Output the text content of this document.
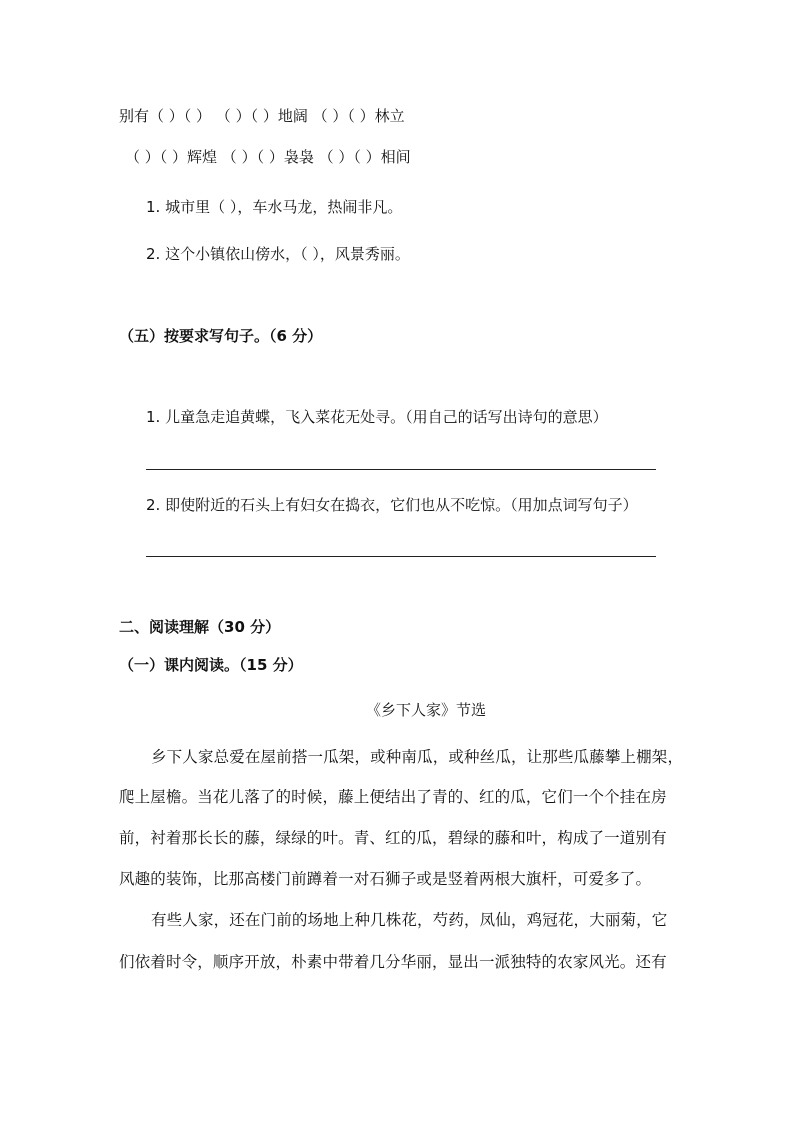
别有（ ）（ ） （ ）（ ）地阔 （ ）（ ）林立
（ ）（ ）辉煌 （ ）（ ）袅袅 （ ）（ ）相间
1. 城市里（ ），车水马龙，热闹非凡。
2. 这个小镇依山傍水，（ ），风景秀丽。
（五）按要求写句子。（6 分）
1. 儿童急走追黄蝶，飞入菜花无处寻。（用自己的话写出诗句的意思）
2. 即使附近的石头上有妇女在捣衣，它们也从不吃惊。（用加点词写句子）
二、阅读理解（30 分）
（一）课内阅读。（15 分）
《乡下人家》节选
乡下人家总爱在屋前搭一瓜架，或种南瓜，或种丝瓜，让那些瓜藤攀上棚架，
爬上屋檐。当花儿落了的时候，藤上便结出了青的、红的瓜，它们一个个挂在房
前，衬着那长长的藤，绿绿的叶。青、红的瓜，碧绿的藤和叶，构成了一道别有
风趣的装饰，比那高楼门前蹲着一对石狮子或是竖着两根大旗杆，可爱多了。
有些人家，还在门前的场地上种几株花，芍药，凤仙，鸡冠花，大丽菊，它
们依着时令，顺序开放，朴素中带着几分华丽，显出一派独特的农家风光。还有
